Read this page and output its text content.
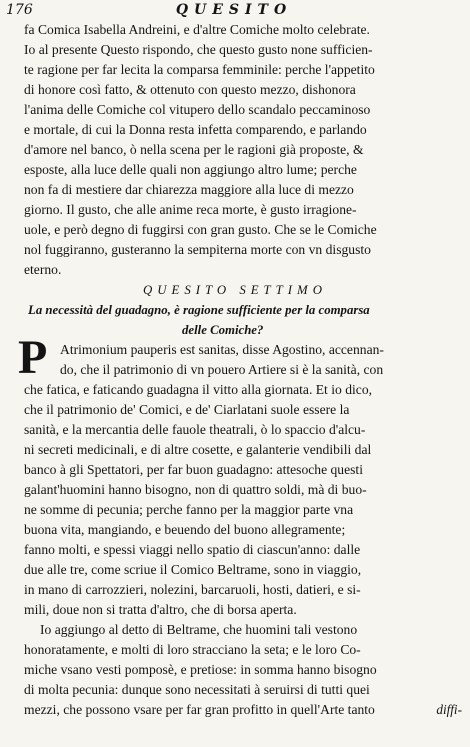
176	QUESITO
fa Comica Isabella Andreini, e d'altre Comiche molto celebrate.
Io al presente Questo rispondo, che questo gusto none sufficien-
te ragione per far lecita la comparsa femminile: perche l'appetito
di honore così fatto, & ottenuto con questo mezzo, dishonora
l'anima delle Comiche col vitupero dello scandalo peccaminoso
e mortale, di cui la Donna resta infetta comparendo, e parlando
d'amore nel banco, ò nella scena per le ragioni già proposte, &
esposte, alla luce delle quali non aggiungo altro lume; perche
non fa di mestiere dar chiarezza maggiore alla luce di mezzo
giorno. Il gusto, che alle anime reca morte, è gusto irragione-
uole, e però degno di fuggirsi con gran gusto. Che se le Comiche
nol fuggiranno, gusteranno la sempiterna morte con vn disgusto
eterno.
QUESITO SETTIMO
La necessità del guadagno, è ragione sufficiente per la comparsa
delle Comiche?
P Atrimonium pauperis est sanitas, disse Agostino, accennan-
do, che il patrimonio di vn pouero Artiere si è la sanità, con
che fatica, e faticando guadagna il vitto alla giornata. Et io dico,
che il patrimonio de' Comici, e de' Ciarlatani suole essere la
sanità, e la mercantia delle fauole theatrali, ò lo spaccio d'alcu-
ni secreti medicinali, e di altre cosette, e galanterie vendibili dal
banco à gli Spettatori, per far buon guadagno: attesoche questi
galant'huomini hanno bisogno, non di quattro soldi, mà di buo-
ne somme di pecunia; perche fanno per la maggior parte vna
buona vita, mangiando, e beuendo del buono allegramente;
fanno molti, e spessi viaggi nello spatio di ciascun'anno: dalle
due alle tre, come scriue il Comico Beltrame, sono in viaggio,
in mano di carrozzieri, nolezini, barcaruoli, hosti, datieri, e si-
mili, doue non si tratta d'altro, che di borsa aperta.
Io aggiungo al detto di Beltrame, che huomini tali vestono
honoratamente, e molti di loro stracciano la seta; e le loro Co-
miche vsano vesti pomposè, e pretiose: in somma hanno bisogno
di molta pecunia: dunque sono necessitati à seruirsi di tutti quei
mezzi, che possono vsare per far gran profitto in quell'Arte tanto	diffi-
